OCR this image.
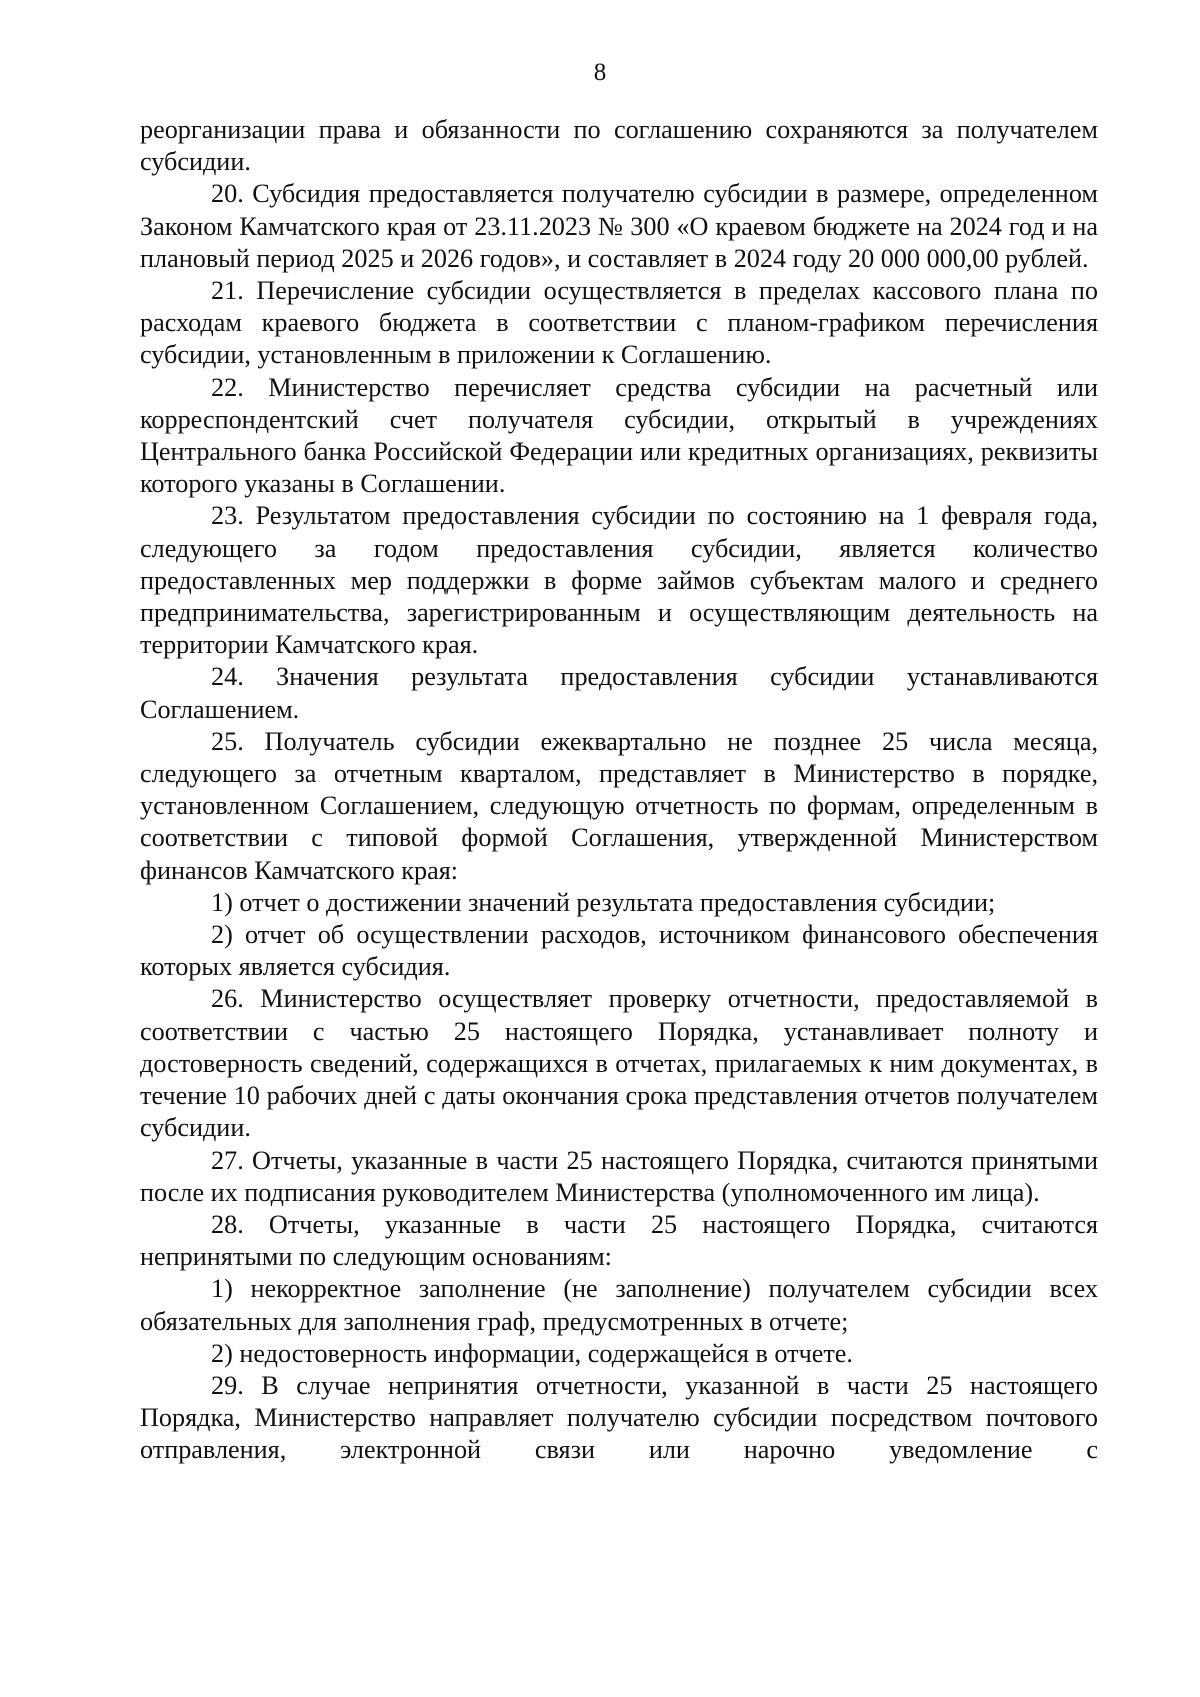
8

реорганизации права и обязанности по соглашению сохраняются за получателем субсидии.

20. Субсидия предоставляется получателю субсидии в размере, определенном Законом Камчатского края от 23.11.2023 № 300 «О краевом бюджете на 2024 год и на плановый период 2025 и 2026 годов», и составляет в 2024 году 20 000 000,00 рублей.

21. Перечисление субсидии осуществляется в пределах кассового плана по расходам краевого бюджета в соответствии с планом-графиком перечисления субсидии, установленным в приложении к Соглашению.

22. Министерство перечисляет средства субсидии на расчетный или корреспондентский счет получателя субсидии, открытый в учреждениях Центрального банка Российской Федерации или кредитных организациях, реквизиты которого указаны в Соглашении.

23. Результатом предоставления субсидии по состоянию на 1 февраля года, следующего за годом предоставления субсидии, является количество предоставленных мер поддержки в форме займов субъектам малого и среднего предпринимательства, зарегистрированным и осуществляющим деятельность на территории Камчатского края.

24. Значения результата предоставления субсидии устанавливаются Соглашением.

25. Получатель субсидии ежеквартально не позднее 25 числа месяца, следующего за отчетным кварталом, представляет в Министерство в порядке, установленном Соглашением, следующую отчетность по формам, определенным в соответствии с типовой формой Соглашения, утвержденной Министерством финансов Камчатского края:

1) отчет о достижении значений результата предоставления субсидии;

2) отчет об осуществлении расходов, источником финансового обеспечения которых является субсидия.

26. Министерство осуществляет проверку отчетности, предоставляемой в соответствии с частью 25 настоящего Порядка, устанавливает полноту и достоверность сведений, содержащихся в отчетах, прилагаемых к ним документах, в течение 10 рабочих дней с даты окончания срока представления отчетов получателем субсидии.

27. Отчеты, указанные в части 25 настоящего Порядка, считаются принятыми после их подписания руководителем Министерства (уполномоченного им лица).

28. Отчеты, указанные в части 25 настоящего Порядка, считаются непринятыми по следующим основаниям:

1) некорректное заполнение (не заполнение) получателем субсидии всех обязательных для заполнения граф, предусмотренных в отчете;

2) недостоверность информации, содержащейся в отчете.

29. В случае непринятия отчетности, указанной в части 25 настоящего Порядка, Министерство направляет получателю субсидии посредством почтового отправления, электронной связи или нарочно уведомление с
